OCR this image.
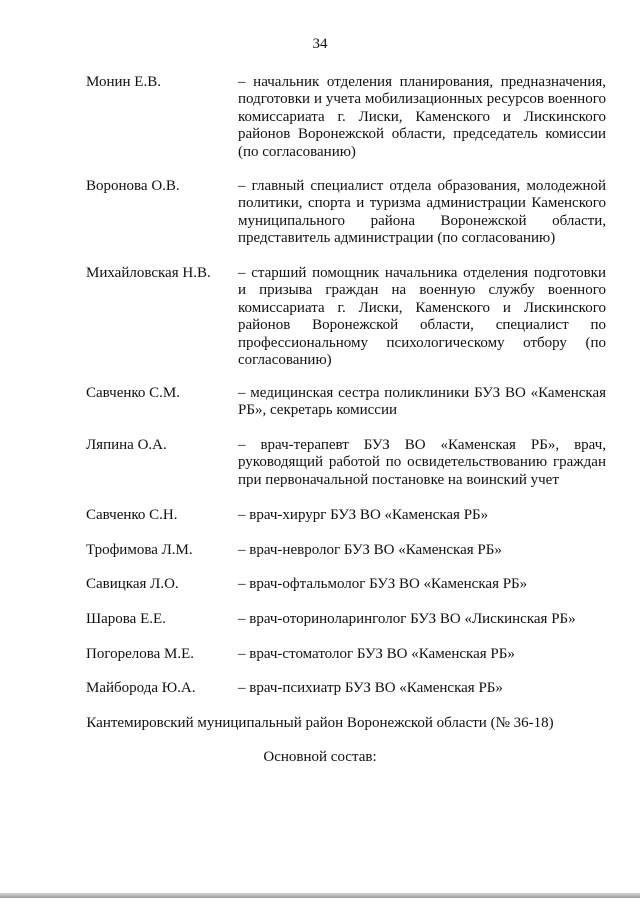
34
Монин Е.В.	– начальник отделения планирования, предназначения, подготовки и учета мобилизационных ресурсов военного комиссариата г. Лиски, Каменского и Лискинского районов Воронежской области, председатель комиссии (по согласованию)
Воронова О.В.	– главный специалист отдела образования, молодежной политики, спорта и туризма администрации Каменского муниципального района Воронежской области, представитель администрации (по согласованию)
Михайловская Н.В. – старший помощник начальника отделения подготовки и призыва граждан на военную службу военного комиссариата г. Лиски, Каменского и Лискинского районов Воронежской области, специалист по профессиональному психологическому отбору (по согласованию)
Савченко С.М.	– медицинская сестра поликлиники БУЗ ВО «Каменская РБ», секретарь комиссии
Ляпина О.А.	– врач-терапевт БУЗ ВО «Каменская РБ», врач, руководящий работой по освидетельствованию граждан при первоначальной постановке на воинский учет
Савченко С.Н.	– врач-хирург БУЗ ВО «Каменская РБ»
Трофимова Л.М.	– врач-невролог БУЗ ВО «Каменская РБ»
Савицкая Л.О.	– врач-офтальмолог БУЗ ВО «Каменская РБ»
Шарова Е.Е.	– врач-оториноларинголог БУЗ ВО «Лискинская РБ»
Погорелова М.Е.	– врач-стоматолог БУЗ ВО «Каменская РБ»
Майборода Ю.А.	– врач-психиатр БУЗ ВО «Каменская РБ»
Кантемировский муниципальный район Воронежской области (№ 36-18)
Основной состав:
